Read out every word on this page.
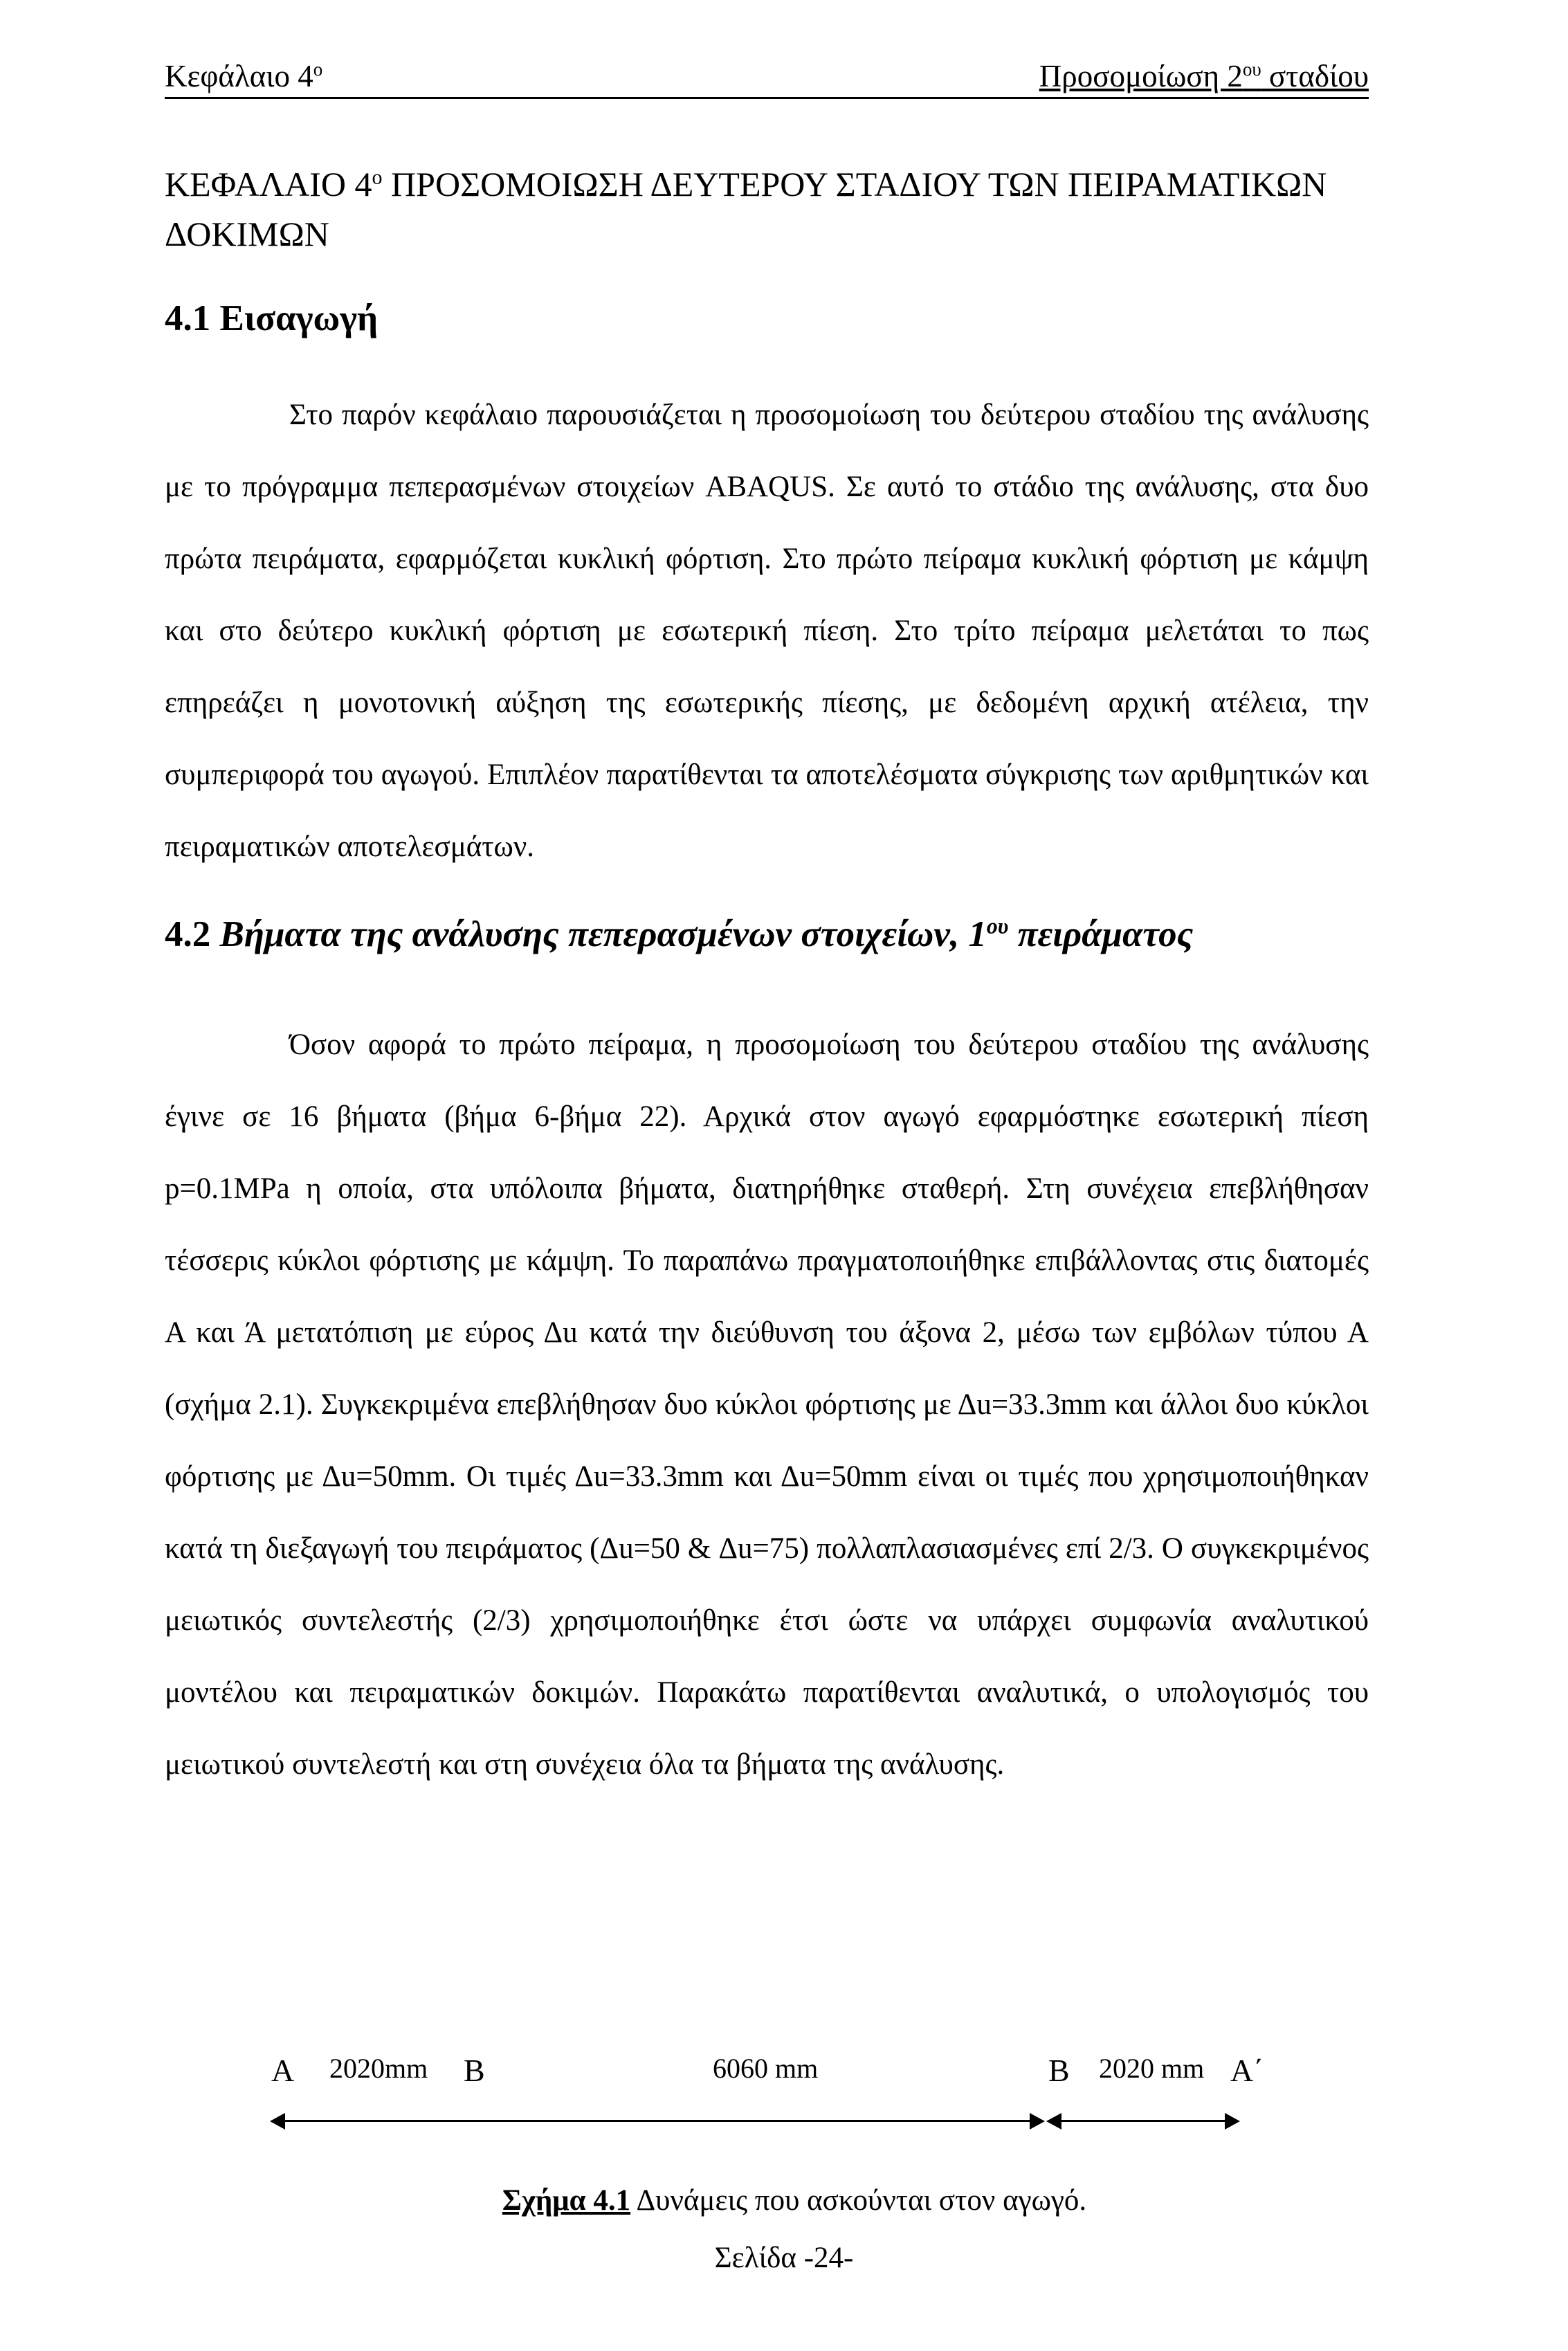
Κεφάλαιο $4^o$	Προσομοίωση $2^{o\upsilon}$ σταδίου
ΚΕΦΑΛΑΙΟ $4^o$ ΠΡΟΣΟΜΟΙΩΣΗ ΔΕΥΤΕΡΟΥ ΣΤΑΔΙΟΥ ΤΩΝ ΠΕΙΡΑΜΑΤΙΚΩΝ ΔΟΚΙΜΩΝ
4.1 Εισαγωγή
Στο παρόν κεφάλαιο παρουσιάζεται η προσομοίωση του δεύτερου σταδίου της ανάλυσης με το πρόγραμμα πεπερασμένων στοιχείων ABAQUS. Σε αυτό το στάδιο της ανάλυσης, στα δυο πρώτα πειράματα, εφαρμόζεται κυκλική φόρτιση. Στο πρώτο πείραμα κυκλική φόρτιση με κάμψη και στο δεύτερο κυκλική φόρτιση με εσωτερική πίεση. Στο τρίτο πείραμα μελετάται το πως επηρεάζει η μονοτονική αύξηση της εσωτερικής πίεσης, με δεδομένη αρχική ατέλεια, την συμπεριφορά του αγωγού. Επιπλέον παρατίθενται τα αποτελέσματα σύγκρισης των αριθμητικών και πειραματικών αποτελεσμάτων.
4.2 Βήματα της ανάλυσης πεπερασμένων στοιχείων, $1^{o\upsilon}$ πειράματος
Όσον αφορά το πρώτο πείραμα, η προσομοίωση του δεύτερου σταδίου της ανάλυσης έγινε σε 16 βήματα (βήμα 6-βήμα 22). Αρχικά στον αγωγό εφαρμόστηκε εσωτερική πίεση p=0.1MPa η οποία, στα υπόλοιπα βήματα, διατηρήθηκε σταθερή. Στη συνέχεια επεβλήθησαν τέσσερις κύκλοι φόρτισης με κάμψη. Το παραπάνω πραγματοποιήθηκε επιβάλλοντας στις διατομές Α και Ά μετατόπιση με εύρος Δu κατά την διεύθυνση του άξονα 2, μέσω των εμβόλων τύπου Α (σχήμα 2.1). Συγκεκριμένα επεβλήθησαν δυο κύκλοι φόρτισης με Δu=33.3mm και άλλοι δυο κύκλοι φόρτισης με Δu=50mm. Οι τιμές Δu=33.3mm και Δu=50mm είναι οι τιμές που χρησιμοποιήθηκαν κατά τη διεξαγωγή του πειράματος (Δu=50 & Δu=75) πολλαπλασιασμένες επί 2/3. Ο συγκεκριμένος μειωτικός συντελεστής (2/3) χρησιμοποιήθηκε έτσι ώστε να υπάρχει συμφωνία αναλυτικού μοντέλου και πειραματικών δοκιμών. Παρακάτω παρατίθενται αναλυτικά, ο υπολογισμός του μειωτικού συντελεστή και στη συνέχεια όλα τα βήματα της ανάλυσης.
Α 2020mm Β	6060 mm	Β 2020 mm Α΄
Σχήμα 4.1 Δυνάμεις που ασκούνται στον αγωγό.
Σελίδα -24-
